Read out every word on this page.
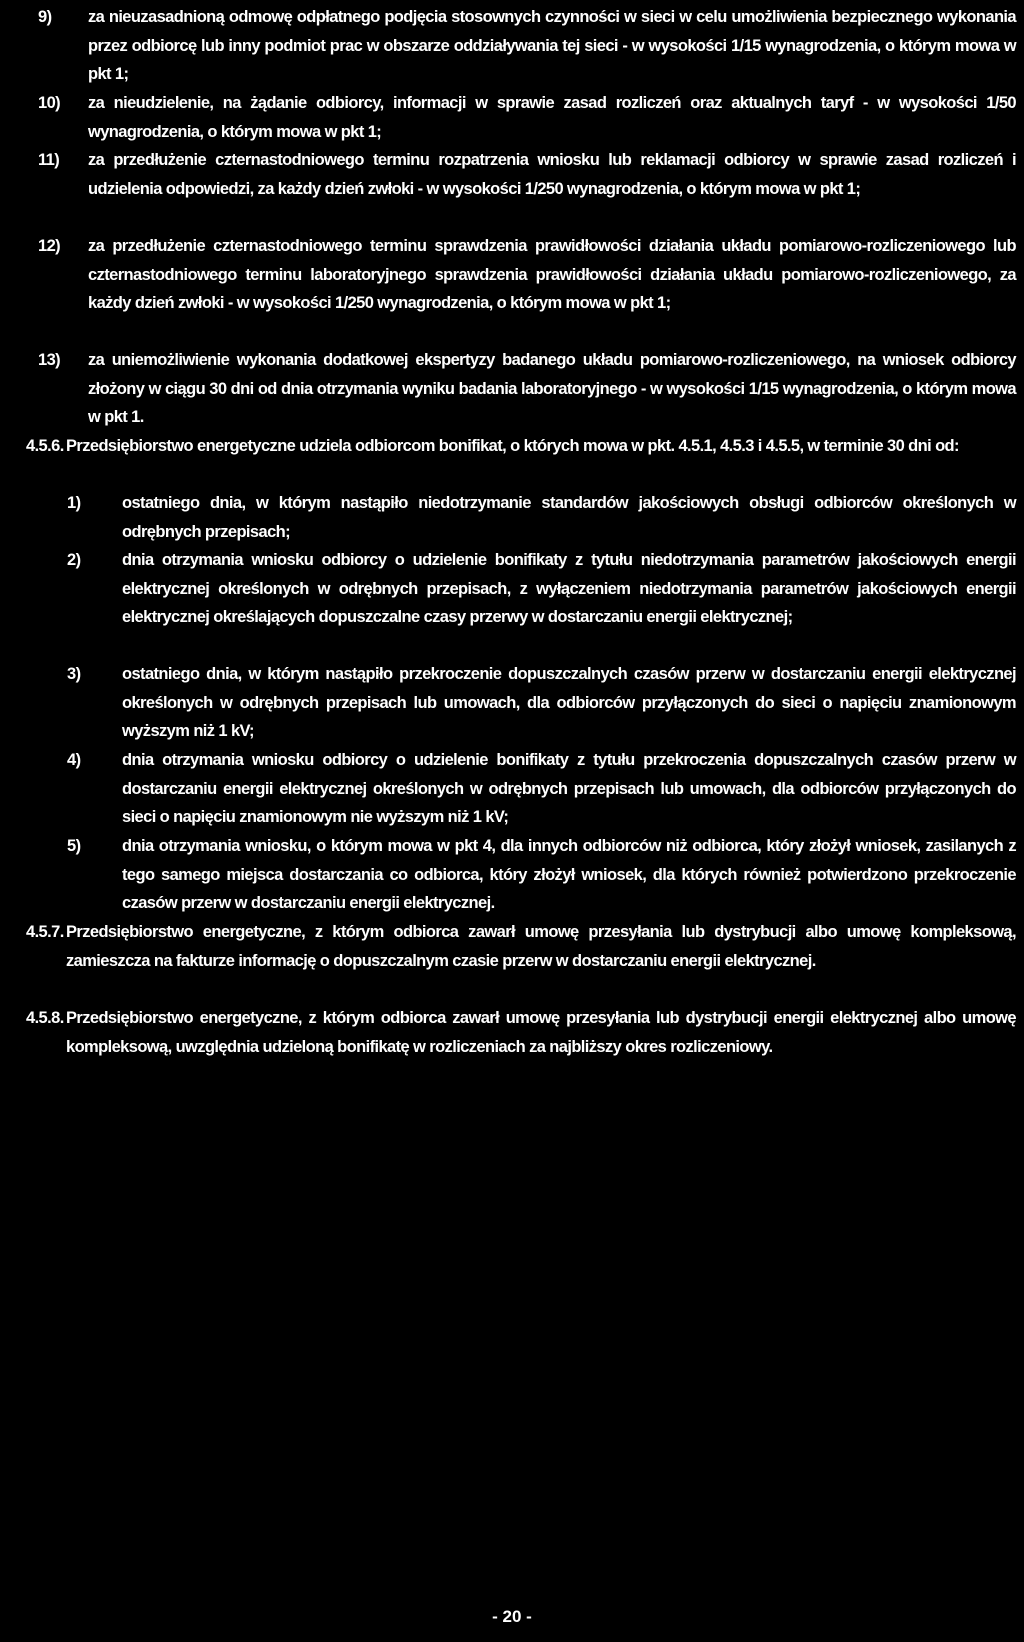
9) za nieuzasadnioną odmowę odpłatnego podjęcia stosownych czynności w sieci w celu umożliwienia bezpiecznego wykonania przez odbiorcę lub inny podmiot prac w obszarze oddziaływania tej sieci - w wysokości 1/15 wynagrodzenia, o którym mowa w pkt 1;
10) za nieudzielenie, na żądanie odbiorcy, informacji w sprawie zasad rozliczeń oraz aktualnych taryf - w wysokości 1/50 wynagrodzenia, o którym mowa w pkt 1;
11) za przedłużenie czternastodniowego terminu rozpatrzenia wniosku lub reklamacji odbiorcy w sprawie zasad rozliczeń i udzielenia odpowiedzi, za każdy dzień zwłoki - w wysokości 1/250 wynagrodzenia, o którym mowa w pkt 1;
12) za przedłużenie czternastodniowego terminu sprawdzenia prawidłowości działania układu pomiarowo-rozliczeniowego lub czternastodniowego terminu laboratoryjnego sprawdzenia prawidłowości działania układu pomiarowo-rozliczeniowego, za każdy dzień zwłoki - w wysokości 1/250 wynagrodzenia, o którym mowa w pkt 1;
13) za uniemożliwienie wykonania dodatkowej ekspertyzy badanego układu pomiarowo-rozliczeniowego, na wniosek odbiorcy złożony w ciągu 30 dni od dnia otrzymania wyniku badania laboratoryjnego - w wysokości 1/15 wynagrodzenia, o którym mowa w pkt 1.
4.5.6. Przedsiębiorstwo energetyczne udziela odbiorcom bonifikat, o których mowa w pkt. 4.5.1, 4.5.3 i 4.5.5, w terminie 30 dni od:
1)	ostatniego dnia, w którym nastąpiło niedotrzymanie standardów jakościowych obsługi odbiorców określonych w odrębnych przepisach;
2)	dnia otrzymania wniosku odbiorcy o udzielenie bonifikaty z tytułu niedotrzymania parametrów jakościowych energii elektrycznej określonych w odrębnych przepisach, z wyłączeniem niedotrzymania parametrów jakościowych energii elektrycznej określających dopuszczalne czasy przerwy w dostarczaniu energii elektrycznej;
3)	ostatniego dnia, w którym nastąpiło przekroczenie dopuszczalnych czasów przerw w dostarczaniu energii elektrycznej określonych w odrębnych przepisach lub umowach, dla odbiorców przyłączonych do sieci o napięciu znamionowym wyższym niż 1 kV;
4)	dnia otrzymania wniosku odbiorcy o udzielenie bonifikaty z tytułu przekroczenia dopuszczalnych czasów przerw w dostarczaniu energii elektrycznej określonych w odrębnych przepisach lub umowach, dla odbiorców przyłączonych do sieci o napięciu znamionowym nie wyższym niż 1 kV;
5)	dnia otrzymania wniosku, o którym mowa w pkt 4, dla innych odbiorców niż odbiorca, który złożył wniosek, zasilanych z tego samego miejsca dostarczania co odbiorca, który złożył wniosek, dla których również potwierdzono przekroczenie czasów przerw w dostarczaniu energii elektrycznej.
4.5.7. Przedsiębiorstwo energetyczne, z którym odbiorca zawarł umowę przesyłania lub dystrybucji albo umowę kompleksową, zamieszcza na fakturze informację o dopuszczalnym czasie przerw w dostarczaniu energii elektrycznej.
4.5.8. Przedsiębiorstwo energetyczne, z którym odbiorca zawarł umowę przesyłania lub dystrybucji energii elektrycznej albo umowę kompleksową, uwzględnia udzieloną bonifikatę w rozliczeniach za najbliższy okres rozliczeniowy.
- 20 -
